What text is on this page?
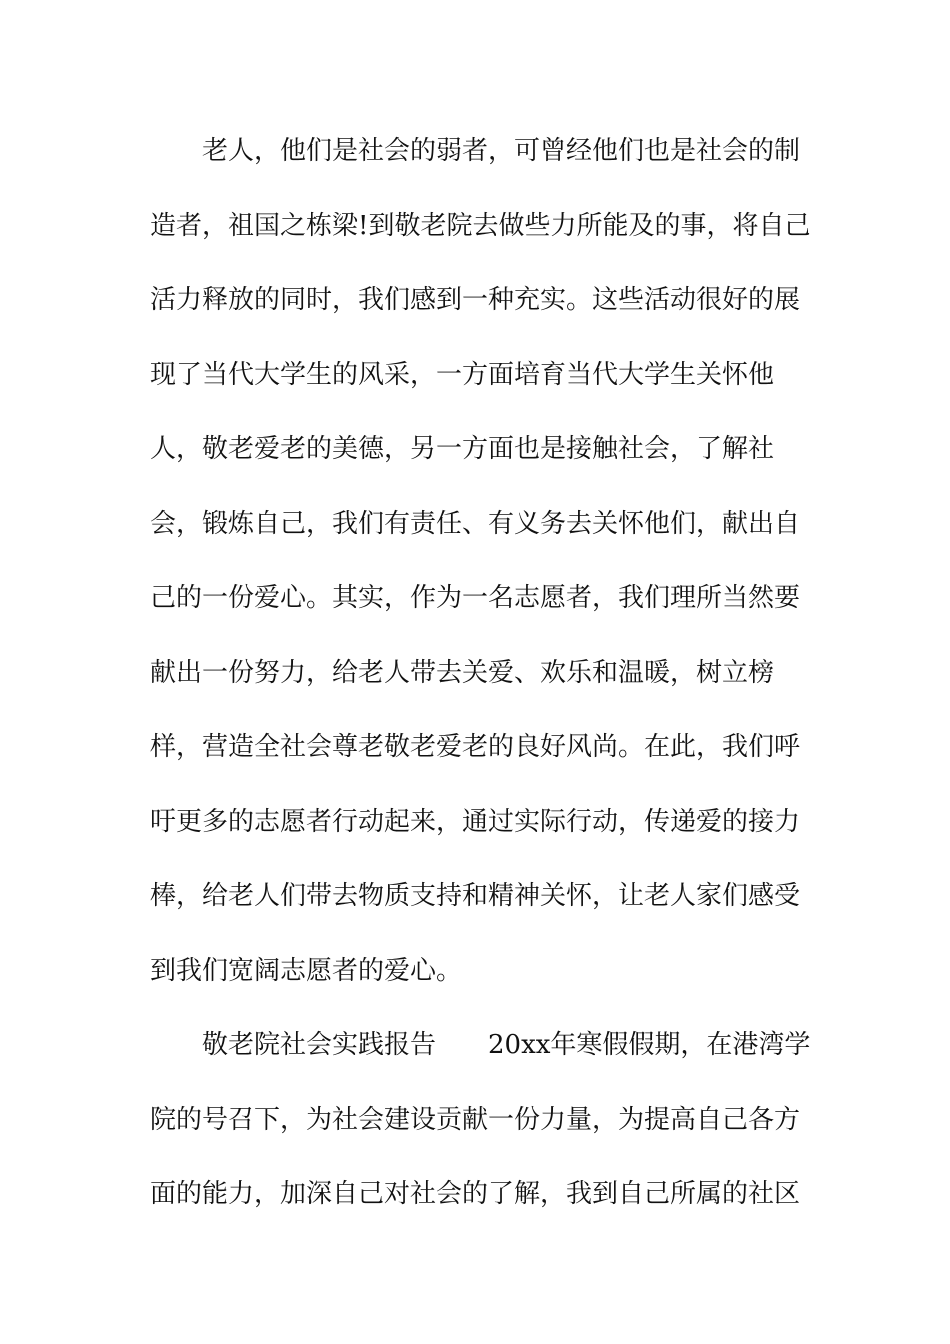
　　老人，他们是社会的弱者，可曾经他们也是社会的制
造者，祖国之栋梁!到敬老院去做些力所能及的事，将自己
活力释放的同时，我们感到一种充实。这些活动很好的展
现了当代大学生的风采，一方面培育当代大学生关怀他
人，敬老爱老的美德，另一方面也是接触社会，了解社
会，锻炼自己，我们有责任、有义务去关怀他们，献出自
己的一份爱心。其实，作为一名志愿者，我们理所当然要
献出一份努力，给老人带去关爱、欢乐和温暖，树立榜
样，营造全社会尊老敬老爱老的良好风尚。在此，我们呼
吁更多的志愿者行动起来，通过实际行动，传递爱的接力
棒，给老人们带去物质支持和精神关怀，让老人家们感受
到我们宽阔志愿者的爱心。
　　敬老院社会实践报告　　20xx年寒假假期，在港湾学
院的号召下，为社会建设贡献一份力量，为提高自己各方
面的能力，加深自己对社会的了解，我到自己所属的社区
